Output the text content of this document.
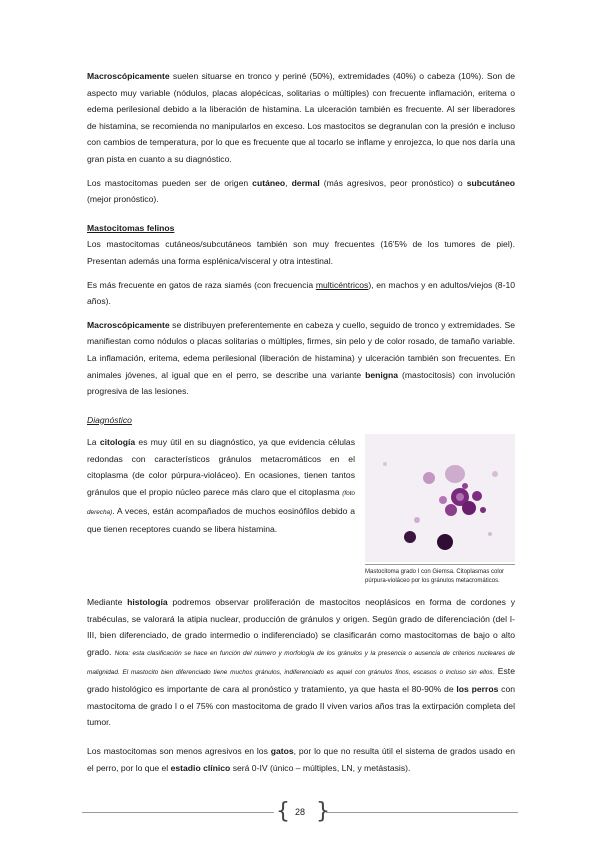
Macroscópicamente suelen situarse en tronco y periné (50%), extremidades (40%) o cabeza (10%). Son de aspecto muy variable (nódulos, placas alopécicas, solitarias o múltiples) con frecuente inflamación, eritema o edema perilesional debido a la liberación de histamina. La ulceración también es frecuente. Al ser liberadores de histamina, se recomienda no manipularlos en exceso. Los mastocitos se degranulan con la presión e incluso con cambios de temperatura, por lo que es frecuente que al tocarlo se inflame y enrojezca, lo que nos daría una gran pista en cuanto a su diagnóstico.

Los mastocitomas pueden ser de origen cutáneo, dermal (más agresivos, peor pronóstico) o subcutáneo (mejor pronóstico).

Mastocitomas felinos

Los mastocitomas cutáneos/subcutáneos también son muy frecuentes (16'5% de los tumores de piel). Presentan además una forma esplénica/visceral y otra intestinal.

Es más frecuente en gatos de raza siamés (con frecuencia multicéntricos), en machos y en adultos/viejos (8-10 años).

Macroscópicamente se distribuyen preferentemente en cabeza y cuello, seguido de tronco y extremidades. Se manifiestan como nódulos o placas solitarias o múltiples, firmes, sin pelo y de color rosado, de tamaño variable. La inflamación, eritema, edema perilesional (liberación de histamina) y ulceración también son frecuentes. En animales jóvenes, al igual que en el perro, se describe una variante benigna (mastocitosis) con involución progresiva de las lesiones.

Diagnóstico

La citología es muy útil en su diagnóstico, ya que evidencia células redondas con característicos gránulos metacromáticos en el citoplasma (de color púrpura-violáceo). En ocasiones, tienen tantos gránulos que el propio núcleo parece más claro que el citoplasma (foto derecha). A veces, están acompañados de muchos eosinófilos debido a que tienen receptores cuando se libera histamina.

Mastocitoma grado I con Giemsa. Citoplasmas color púrpura-violáceo por los gránulos metacromáticos.

Mediante histología podremos observar proliferación de mastocitos neoplásicos en forma de cordones y trabéculas, se valorará la atipia nuclear, producción de gránulos y origen. Según grado de diferenciación (del I-III, bien diferenciado, de grado intermedio o indiferenciado) se clasificarán como mastocitomas de bajo o alto grado. Nota: esta clasificación se hace en función del número y morfología de los gránulos y la presencia o ausencia de criterios nucleares de malignidad. El mastocito bien diferenciado tiene muchos gránulos, indiferenciado es aquel con gránulos finos, escasos o incluso sin ellos. Este grado histológico es importante de cara al pronóstico y tratamiento, ya que hasta el 80-90% de los perros con mastocitoma de grado I o el 75% con mastocitoma de grado II viven varios años tras la extirpación completa del tumor.

Los mastocitomas son menos agresivos en los gatos, por lo que no resulta útil el sistema de grados usado en el perro, por lo que el estadio clínico será 0-IV (único – múltiples, LN, y metástasis).

{ }
28
